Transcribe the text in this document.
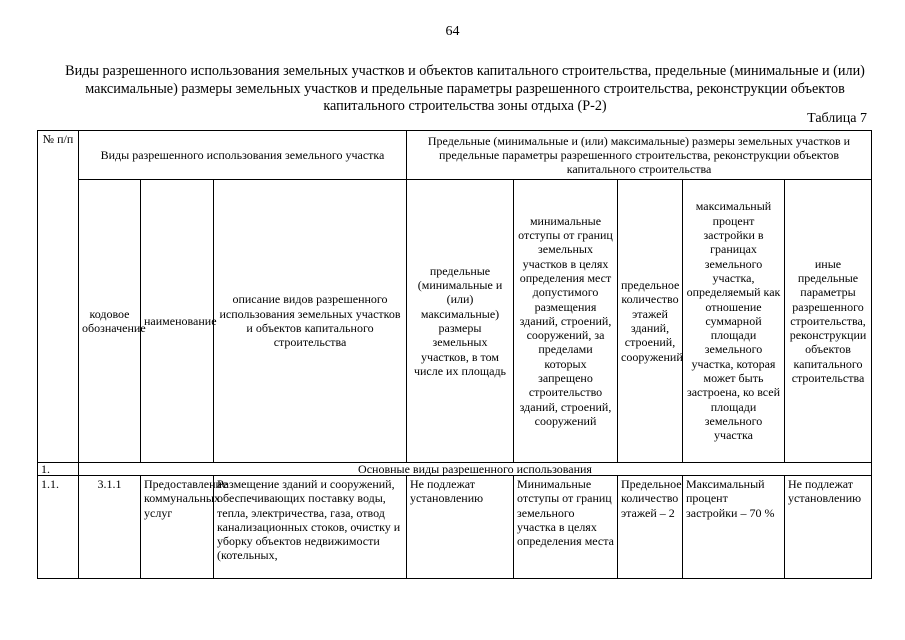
64
Виды разрешенного использования земельных участков и объектов капитального строительства, предельные (минимальные и (или) максимальные) размеры земельных участков и предельные параметры разрешенного строительства, реконструкции объектов капитального строительства зоны отдыха (Р-2)
Таблица 7
№ п/п	Виды разрешенного использования земельного участка			Предельные (минимальные и (или) максимальные) размеры земельных участков и предельные параметры разрешенного строительства, реконструкции объектов капитального строительства				
	кодовое обозначение	наименование	описание видов разрешенного использования земельных участков и объектов капитального строительства	предельные (минимальные и (или) максимальные) размеры земельных участков, в том числе их площадь	минимальные отступы от границ земельных участков в целях определения мест допустимого размещения зданий, строений, сооружений, за пределами которых запрещено строительство зданий, строений, сооружений	предельное количество этажей зданий, строений, сооружений	максимальный процент застройки в границах земельного участка, определяемый как отношение суммарной площади земельного участка, которая может быть застроена, ко всей площади земельного участка	иные предельные параметры разрешенного строительства, реконструкции объектов капитального строительства
1.	Основные виды разрешенного использования							
1.1.	3.1.1	Предоставление коммунальных услуг	Размещение зданий и сооружений, обеспечивающих поставку воды, тепла, электричества, газа, отвод канализационных стоков, очистку и уборку объектов недвижимости (котельных,	Не подлежат установлению	Минимальные отступы от границ земельного участка в целях определения места	Предельное количество этажей – 2	Максимальный процент застройки – 70 %	Не подлежат установлению
